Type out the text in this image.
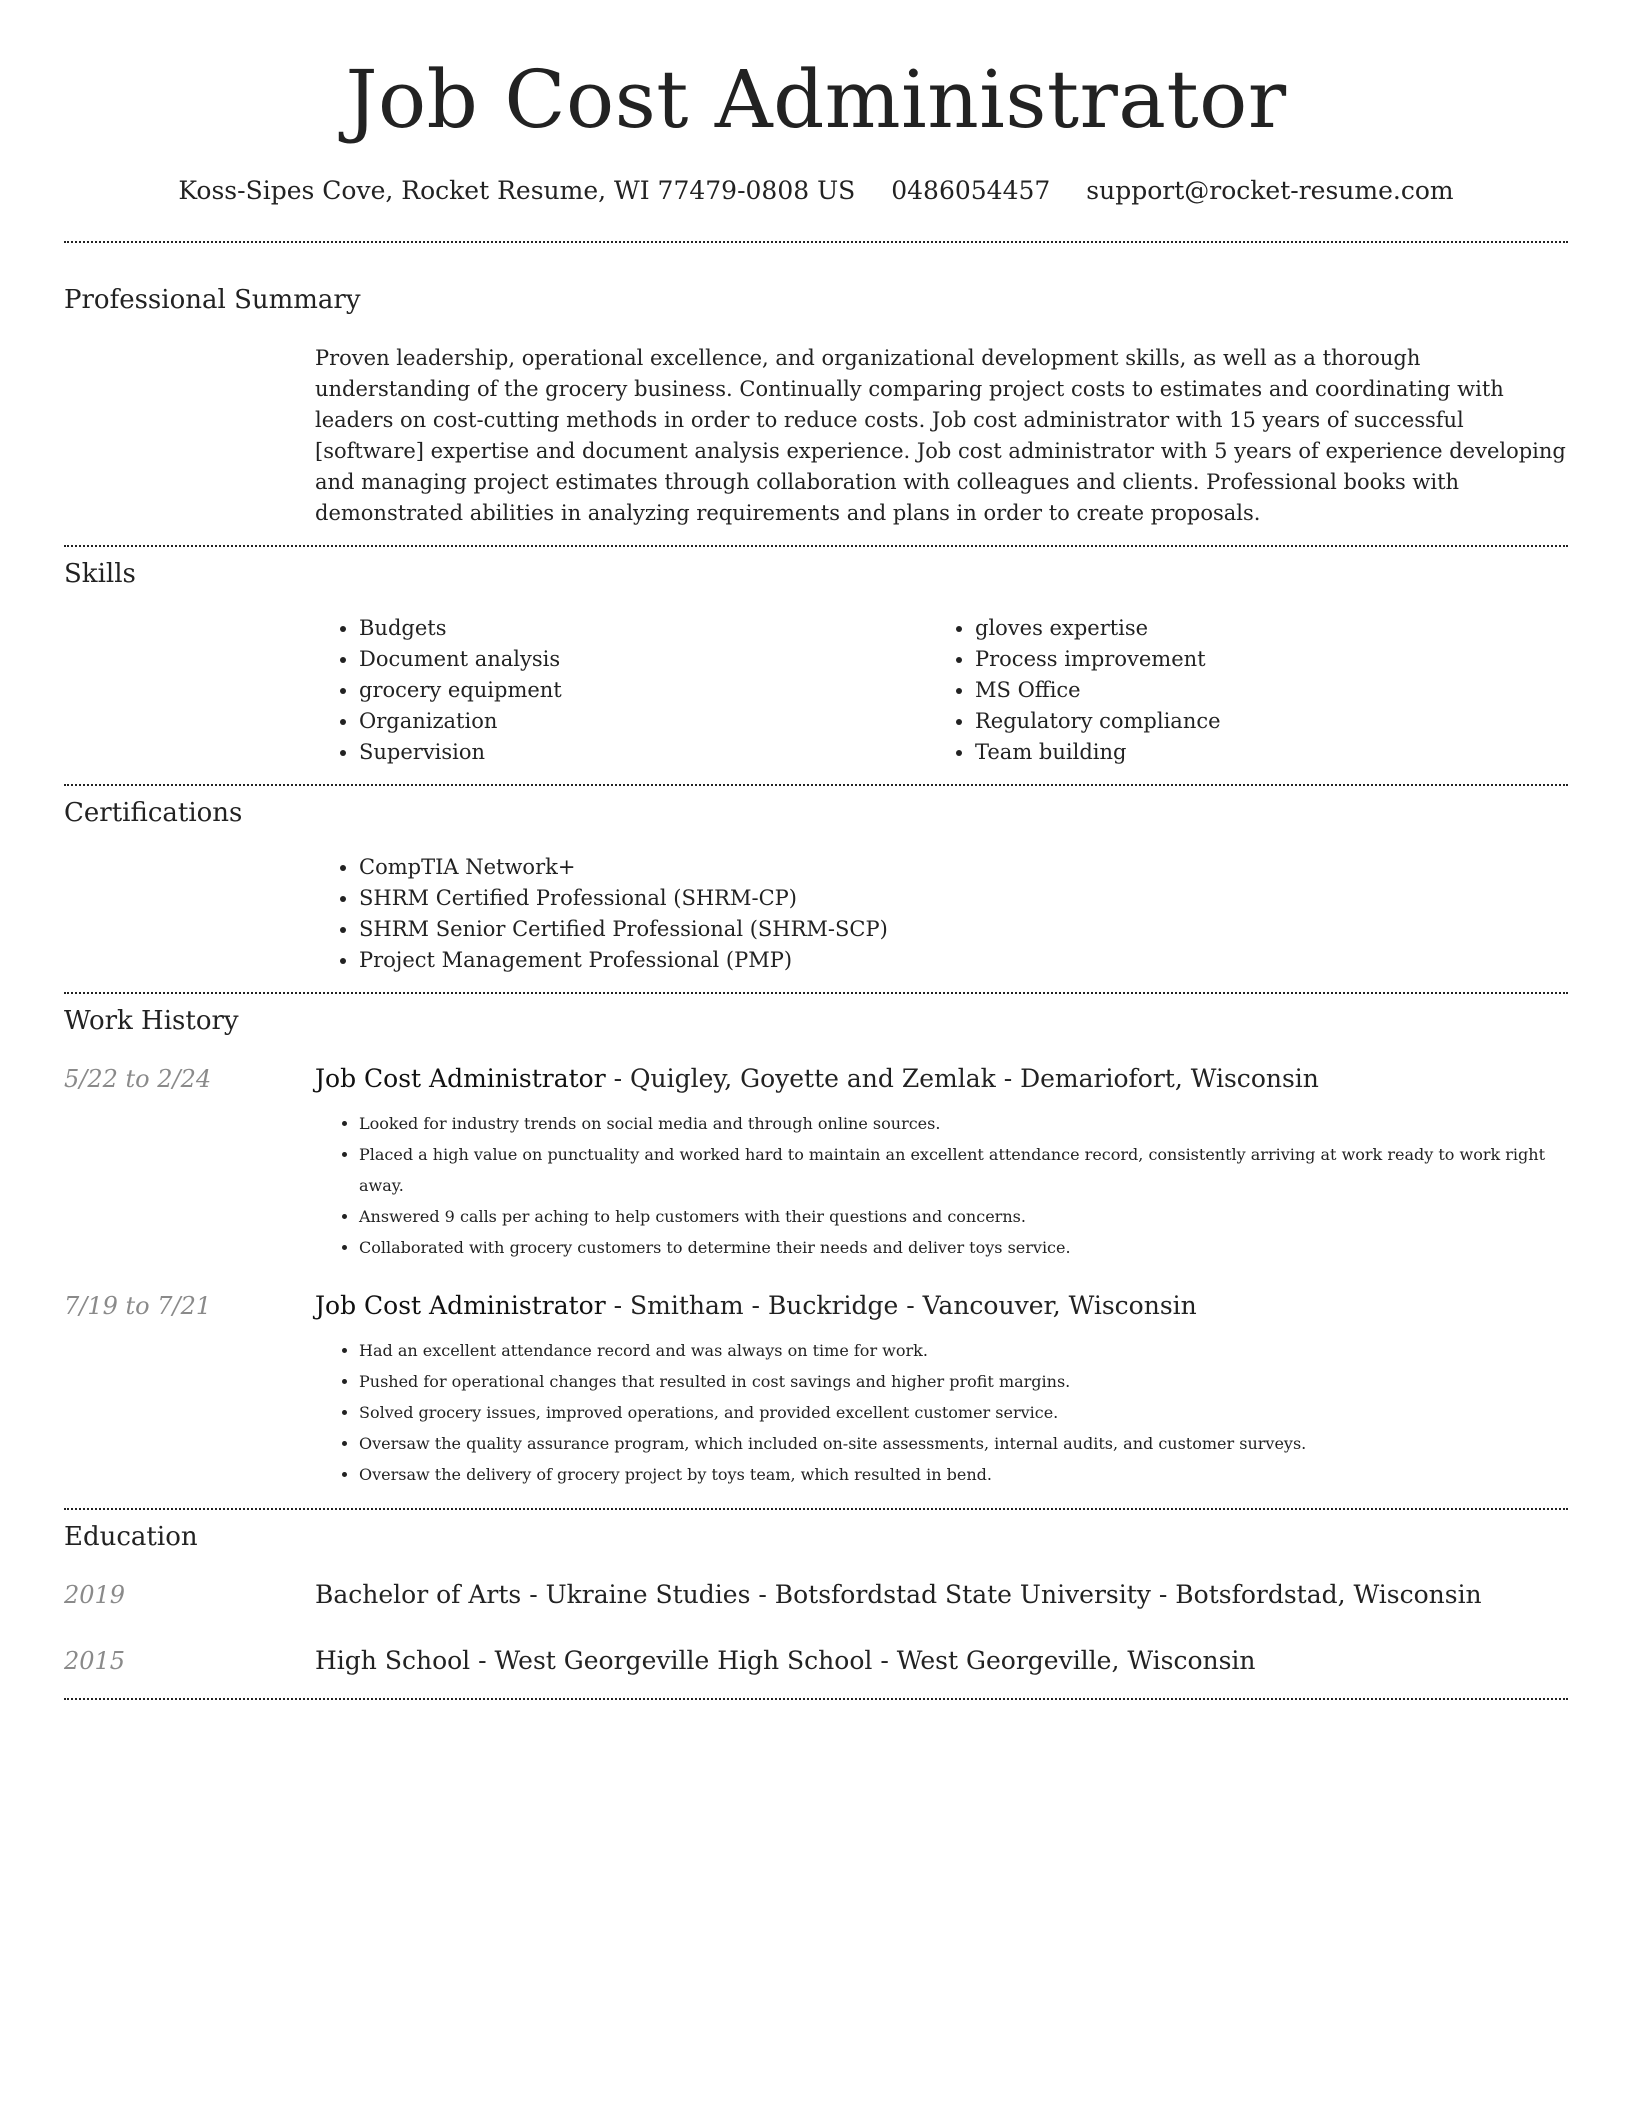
Job Cost Administrator
Koss-Sipes Cove, Rocket Resume, WI 77479-0808 US 0486054457 support@rocket-resume.com
Professional Summary
Proven leadership, operational excellence, and organizational development skills, as well as a thorough understanding of the grocery business. Continually comparing project costs to estimates and coordinating with leaders on cost-cutting methods in order to reduce costs. Job cost administrator with 15 years of successful [software] expertise and document analysis experience. Job cost administrator with 5 years of experience developing and managing project estimates through collaboration with colleagues and clients. Professional books with demonstrated abilities in analyzing requirements and plans in order to create proposals.
Skills
• Budgets
• Document analysis
• grocery equipment
• Organization
• Supervision
• gloves expertise
• Process improvement
• MS Office
• Regulatory compliance
• Team building
Certifications
• CompTIA Network+
• SHRM Certified Professional (SHRM-CP)
• SHRM Senior Certified Professional (SHRM-SCP)
• Project Management Professional (PMP)
Work History
5/22 to 2/24	Job Cost Administrator - Quigley, Goyette and Zemlak - Demariofort, Wisconsin
• Looked for industry trends on social media and through online sources.
• Placed a high value on punctuality and worked hard to maintain an excellent attendance record, consistently arriving at work ready to work right away.
• Answered 9 calls per aching to help customers with their questions and concerns.
• Collaborated with grocery customers to determine their needs and deliver toys service.
7/19 to 7/21	Job Cost Administrator - Smitham - Buckridge - Vancouver, Wisconsin
• Had an excellent attendance record and was always on time for work.
• Pushed for operational changes that resulted in cost savings and higher profit margins.
• Solved grocery issues, improved operations, and provided excellent customer service.
• Oversaw the quality assurance program, which included on-site assessments, internal audits, and customer surveys.
• Oversaw the delivery of grocery project by toys team, which resulted in bend.
Education
2019	Bachelor of Arts - Ukraine Studies - Botsfordstad State University - Botsfordstad, Wisconsin
2015	High School - West Georgeville High School - West Georgeville, Wisconsin
